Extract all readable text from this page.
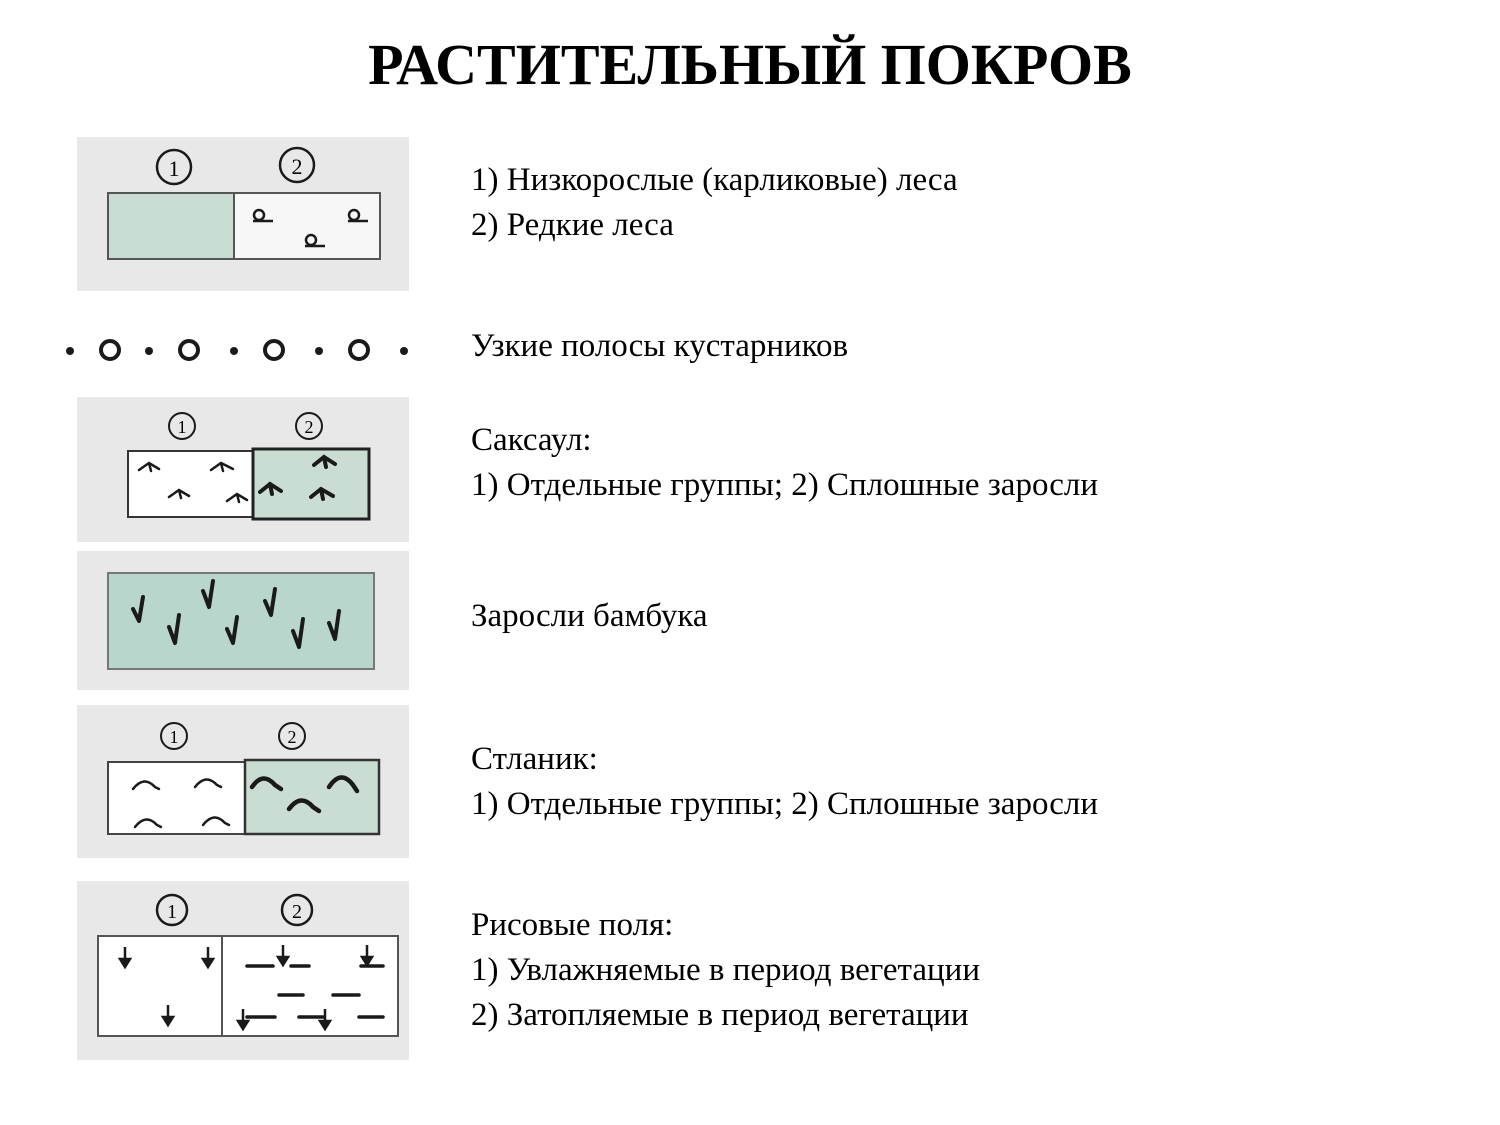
РАСТИТЕЛЬНЫЙ ПОКРОВ
1	2	1) Низкорослые (карликовые) леса
2) Редкие леса
Узкие полосы кустарников
1	2	Саксаул:
1) Отдельные группы; 2) Сплошные заросли
Заросли бамбука
1	2
Стланик:
1) Отдельные группы; 2) Сплошные заросли
1	2	Рисовые поля:
1) Увлажняемые в период вегетации
2) Затопляемые в период вегетации
